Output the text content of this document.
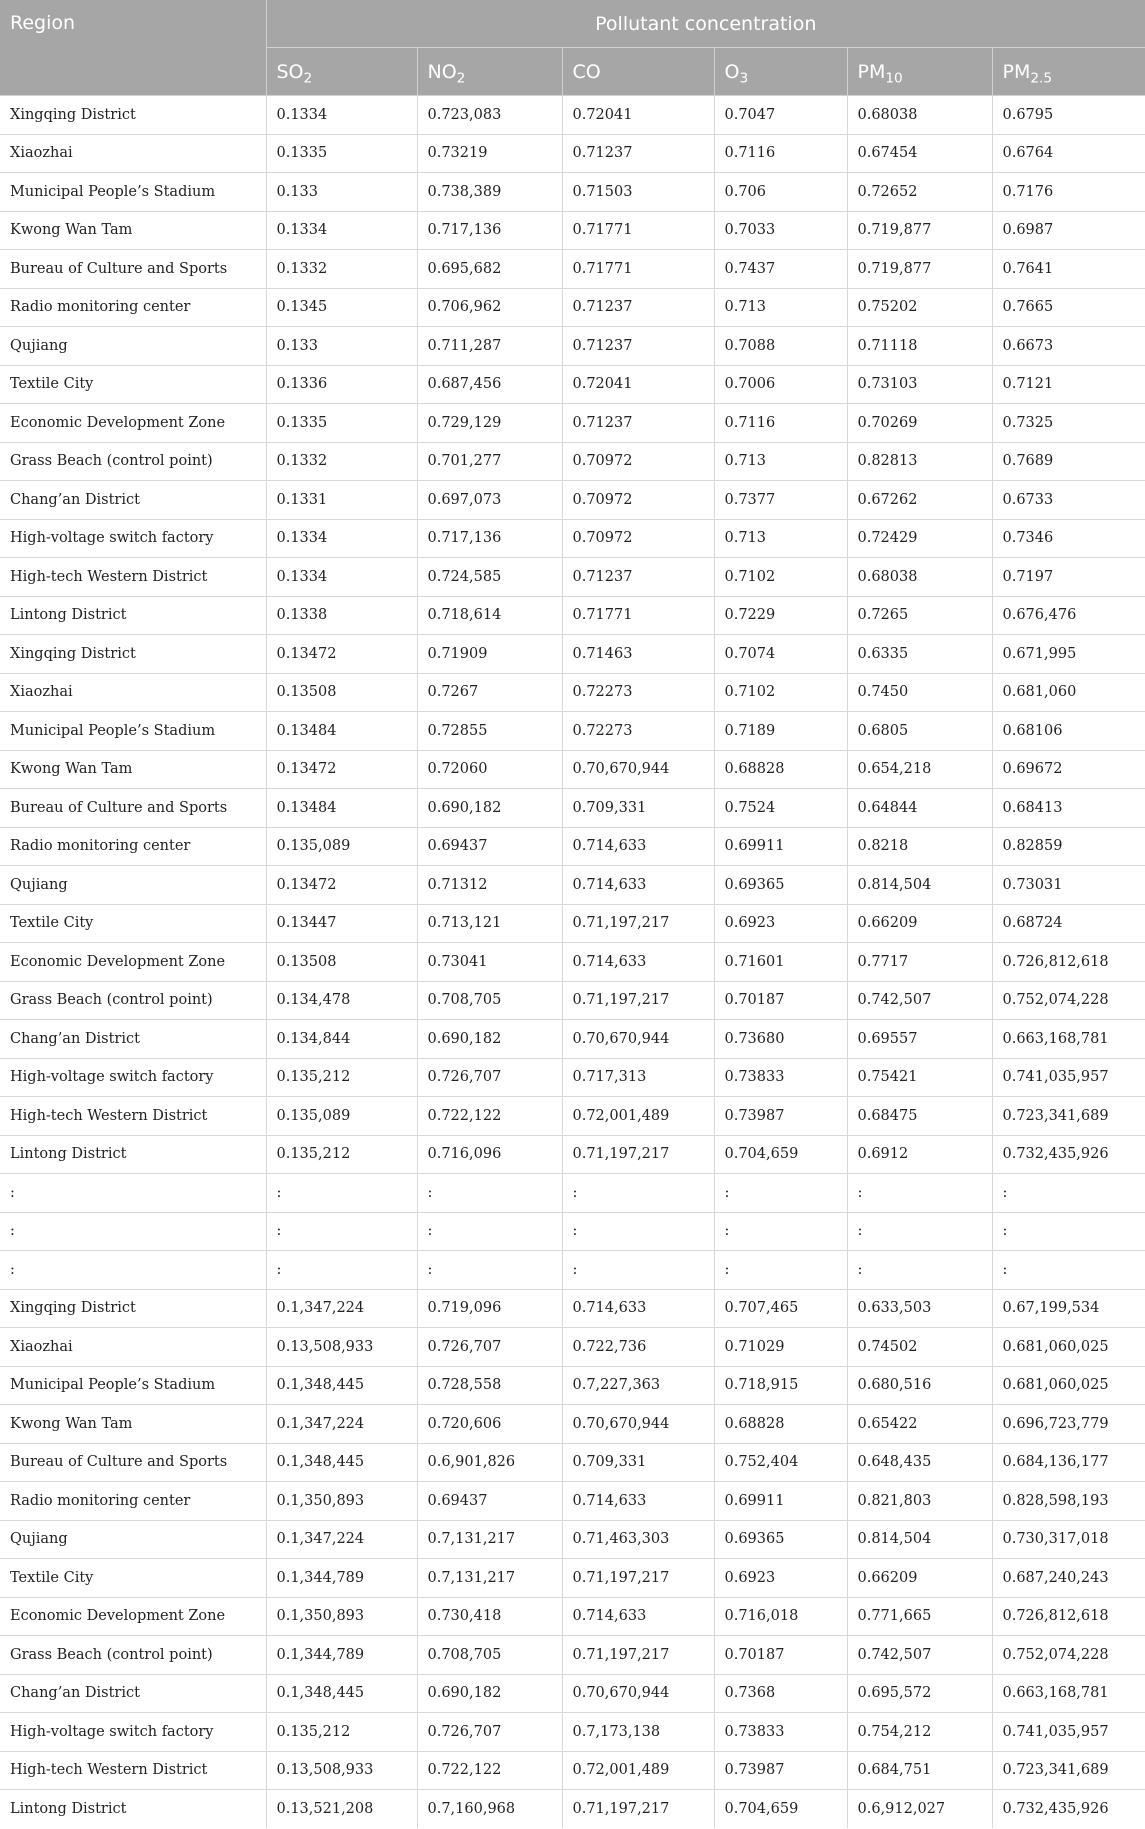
Region	Pollutant concentration					
	$SO_2$	$NO_2$	CO	$O_3$	$PM_{10}$	$PM_{2.5}$
Xingqing District	0.1334	0.723,083	0.72041	0.7047	0.68038	0.6795
Xiaozhai	0.1335	0.73219	0.71237	0.7116	0.67454	0.6764
Municipal People’s Stadium	0.133	0.738,389	0.71503	0.706	0.72652	0.7176
Kwong Wan Tam	0.1334	0.717,136	0.71771	0.7033	0.719,877	0.6987
Bureau of Culture and Sports	0.1332	0.695,682	0.71771	0.7437	0.719,877	0.7641
Radio monitoring center	0.1345	0.706,962	0.71237	0.713	0.75202	0.7665
Qujiang	0.133	0.711,287	0.71237	0.7088	0.71118	0.6673
Textile City	0.1336	0.687,456	0.72041	0.7006	0.73103	0.7121
Economic Development Zone	0.1335	0.729,129	0.71237	0.7116	0.70269	0.7325
Grass Beach (control point)	0.1332	0.701,277	0.70972	0.713	0.82813	0.7689
Chang’an District	0.1331	0.697,073	0.70972	0.7377	0.67262	0.6733
High-voltage switch factory	0.1334	0.717,136	0.70972	0.713	0.72429	0.7346
High-tech Western District	0.1334	0.724,585	0.71237	0.7102	0.68038	0.7197
Lintong District	0.1338	0.718,614	0.71771	0.7229	0.7265	0.676,476
Xingqing District	0.13472	0.71909	0.71463	0.7074	0.6335	0.671,995
Xiaozhai	0.13508	0.7267	0.72273	0.7102	0.7450	0.681,060
Municipal People’s Stadium	0.13484	0.72855	0.72273	0.7189	0.6805	0.68106
Kwong Wan Tam	0.13472	0.72060	0.70,670,944	0.68828	0.654,218	0.69672
Bureau of Culture and Sports	0.13484	0.690,182	0.709,331	0.7524	0.64844	0.68413
Radio monitoring center	0.135,089	0.69437	0.714,633	0.69911	0.8218	0.82859
Qujiang	0.13472	0.71312	0.714,633	0.69365	0.814,504	0.73031
Textile City	0.13447	0.713,121	0.71,197,217	0.6923	0.66209	0.68724
Economic Development Zone	0.13508	0.73041	0.714,633	0.71601	0.7717	0.726,812,618
Grass Beach (control point)	0.134,478	0.708,705	0.71,197,217	0.70187	0.742,507	0.752,074,228
Chang’an District	0.134,844	0.690,182	0.70,670,944	0.73680	0.69557	0.663,168,781
High-voltage switch factory	0.135,212	0.726,707	0.717,313	0.73833	0.75421	0.741,035,957
High-tech Western District	0.135,089	0.722,122	0.72,001,489	0.73987	0.68475	0.723,341,689
Lintong District	0.135,212	0.716,096	0.71,197,217	0.704,659	0.6912	0.732,435,926
:	:	:	:	:	:	:
:	:	:	:	:	:	:
:	:	:	:	:	:	:
Xingqing District	0.1,347,224	0.719,096	0.714,633	0.707,465	0.633,503	0.67,199,534
Xiaozhai	0.13,508,933	0.726,707	0.722,736	0.71029	0.74502	0.681,060,025
Municipal People’s Stadium	0.1,348,445	0.728,558	0.7,227,363	0.718,915	0.680,516	0.681,060,025
Kwong Wan Tam	0.1,347,224	0.720,606	0.70,670,944	0.68828	0.65422	0.696,723,779
Bureau of Culture and Sports	0.1,348,445	0.6,901,826	0.709,331	0.752,404	0.648,435	0.684,136,177
Radio monitoring center	0.1,350,893	0.69437	0.714,633	0.69911	0.821,803	0.828,598,193
Qujiang	0.1,347,224	0.7,131,217	0.71,463,303	0.69365	0.814,504	0.730,317,018
Textile City	0.1,344,789	0.7,131,217	0.71,197,217	0.6923	0.66209	0.687,240,243
Economic Development Zone	0.1,350,893	0.730,418	0.714,633	0.716,018	0.771,665	0.726,812,618
Grass Beach (control point)	0.1,344,789	0.708,705	0.71,197,217	0.70187	0.742,507	0.752,074,228
Chang’an District	0.1,348,445	0.690,182	0.70,670,944	0.7368	0.695,572	0.663,168,781
High-voltage switch factory	0.135,212	0.726,707	0.7,173,138	0.73833	0.754,212	0.741,035,957
High-tech Western District	0.13,508,933	0.722,122	0.72,001,489	0.73987	0.684,751	0.723,341,689
Lintong District	0.13,521,208	0.7,160,968	0.71,197,217	0.704,659	0.6,912,027	0.732,435,926
